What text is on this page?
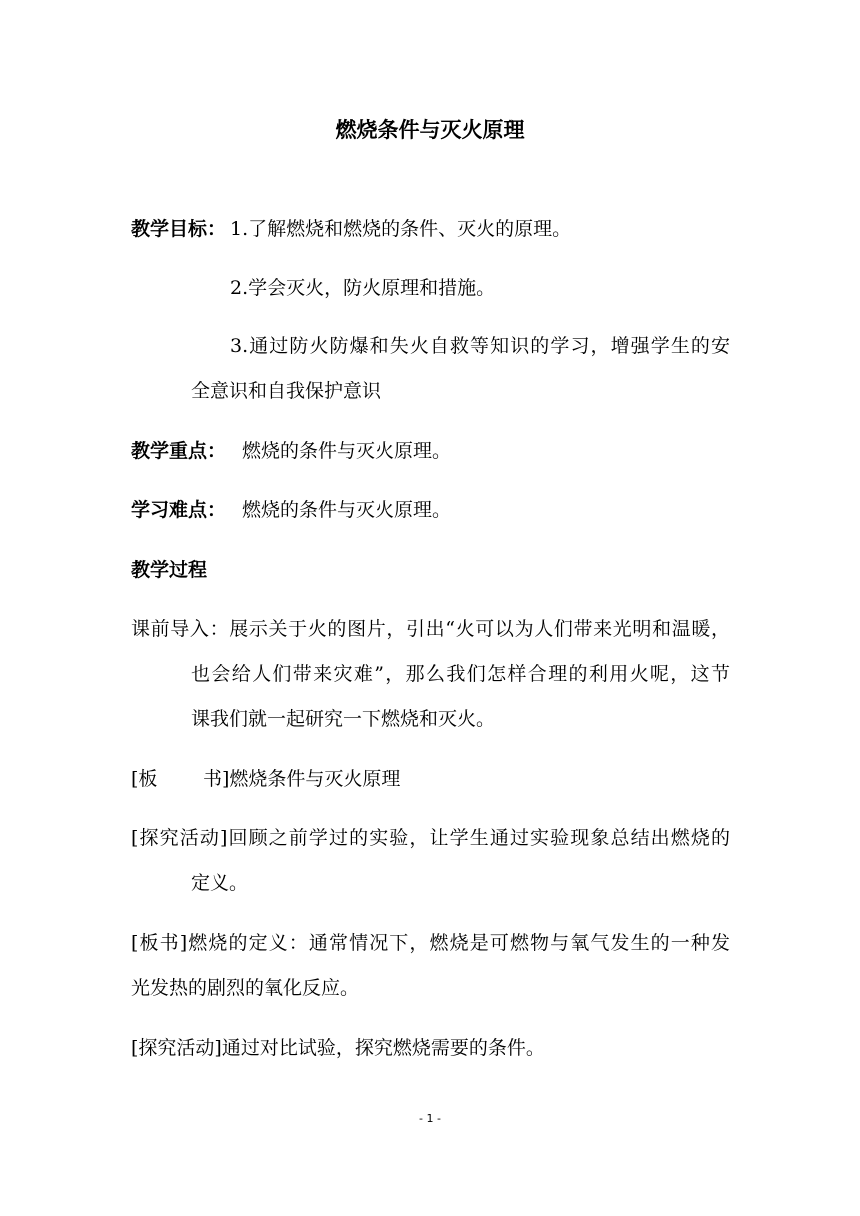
燃烧条件与灭火原理
教学目标： 1.了解燃烧和燃烧的条件、灭火的原理。
2.学会灭火，防火原理和措施。
3.通过防火防爆和失火自救等知识的学习，增强学生的安
全意识和自我保护意识
教学重点： 燃烧的条件与灭火原理。
学习难点： 燃烧的条件与灭火原理。
教学过程
课前导入：展示关于火的图片，引出“火可以为人们带来光明和温暖，
也会给人们带来灾难”，那么我们怎样合理的利用火呢，这节
课我们就一起研究一下燃烧和灭火。
[板 书]燃烧条件与灭火原理
[探究活动]回顾之前学过的实验，让学生通过实验现象总结出燃烧的
定义。
[板书]燃烧的定义：通常情况下，燃烧是可燃物与氧气发生的一种发
光发热的剧烈的氧化反应。
[探究活动]通过对比试验，探究燃烧需要的条件。
- 1 -
